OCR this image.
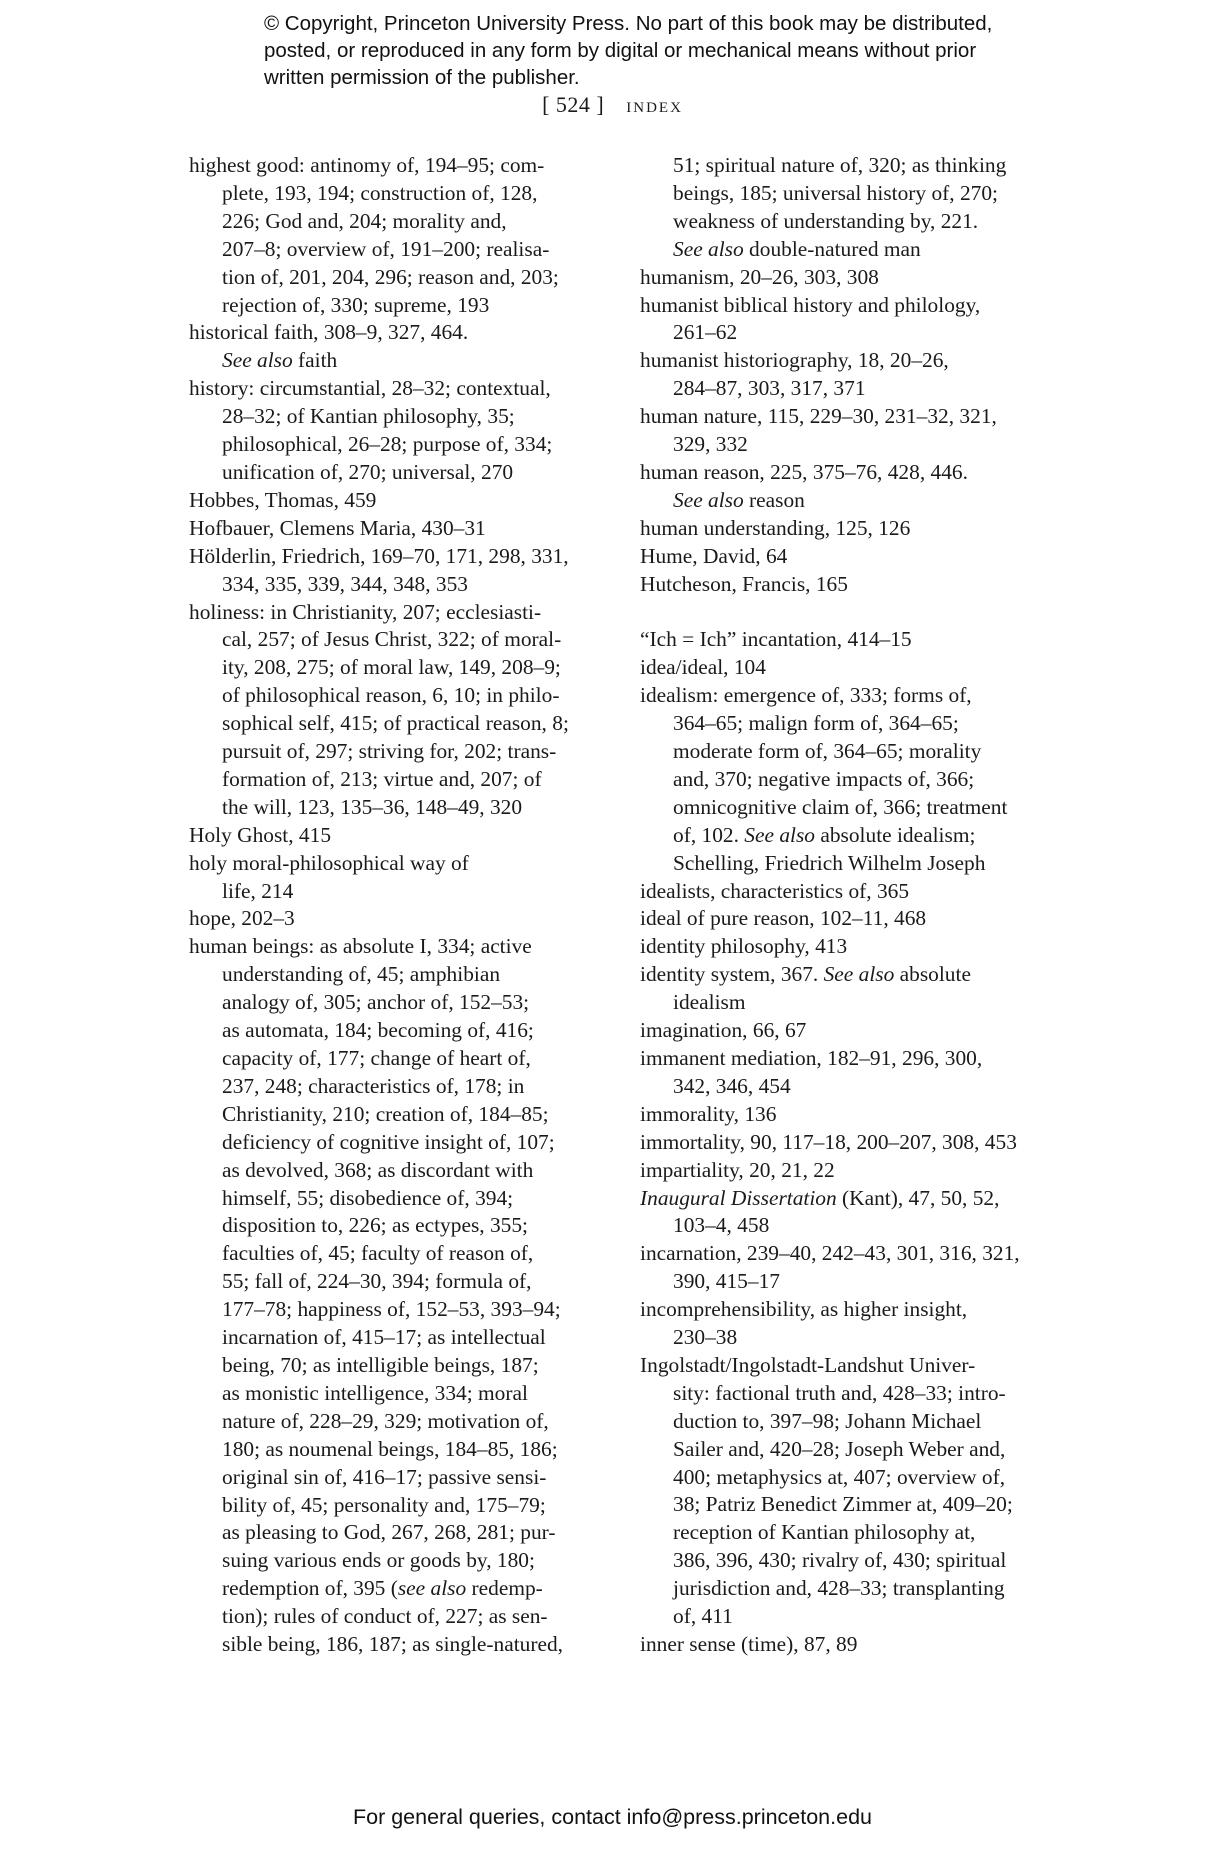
© Copyright, Princeton University Press. No part of this book may be distributed, posted, or reproduced in any form by digital or mechanical means without prior written permission of the publisher.
[ 524 ] index
highest good: antinomy of, 194–95; com-
plete, 193, 194; construction of, 128,
226; God and, 204; morality and,
207–8; overview of, 191–200; realisa-
tion of, 201, 204, 296; reason and, 203;
rejection of, 330; supreme, 193
historical faith, 308–9, 327, 464.
See also faith
history: circumstantial, 28–32; contextual,
28–32; of Kantian philosophy, 35;
philosophical, 26–28; purpose of, 334;
unification of, 270; universal, 270
Hobbes, Thomas, 459
Hofbauer, Clemens Maria, 430–31
Hölderlin, Friedrich, 169–70, 171, 298, 331,
334, 335, 339, 344, 348, 353
holiness: in Christianity, 207; ecclesiasti-
cal, 257; of Jesus Christ, 322; of moral-
ity, 208, 275; of moral law, 149, 208–9;
of philosophical reason, 6, 10; in philo-
sophical self, 415; of practical reason, 8;
pursuit of, 297; striving for, 202; trans-
formation of, 213; virtue and, 207; of
the will, 123, 135–36, 148–49, 320
Holy Ghost, 415
holy moral-philosophical way of
life, 214
hope, 202–3
human beings: as absolute I, 334; active
understanding of, 45; amphibian
analogy of, 305; anchor of, 152–53;
as automata, 184; becoming of, 416;
capacity of, 177; change of heart of,
237, 248; characteristics of, 178; in
Christianity, 210; creation of, 184–85;
deficiency of cognitive insight of, 107;
as devolved, 368; as discordant with
himself, 55; disobedience of, 394;
disposition to, 226; as ectypes, 355;
faculties of, 45; faculty of reason of,
55; fall of, 224–30, 394; formula of,
177–78; happiness of, 152–53, 393–94;
incarnation of, 415–17; as intellectual
being, 70; as intelligible beings, 187;
as monistic intelligence, 334; moral
nature of, 228–29, 329; motivation of,
180; as noumenal beings, 184–85, 186;
original sin of, 416–17; passive sensi-
bility of, 45; personality and, 175–79;
as pleasing to God, 267, 268, 281; pur-
suing various ends or goods by, 180;
redemption of, 395 (see also redemp-
tion); rules of conduct of, 227; as sen-
sible being, 186, 187; as single-natured,
51; spiritual nature of, 320; as thinking
beings, 185; universal history of, 270;
weakness of understanding by, 221.
See also double-natured man
humanism, 20–26, 303, 308
humanist biblical history and philology,
261–62
humanist historiography, 18, 20–26,
284–87, 303, 317, 371
human nature, 115, 229–30, 231–32, 321,
329, 332
human reason, 225, 375–76, 428, 446.
See also reason
human understanding, 125, 126
Hume, David, 64
Hutcheson, Francis, 165
“Ich = Ich” incantation, 414–15
idea/ideal, 104
idealism: emergence of, 333; forms of,
364–65; malign form of, 364–65;
moderate form of, 364–65; morality
and, 370; negative impacts of, 366;
omnicognitive claim of, 366; treatment
of, 102. See also absolute idealism;
Schelling, Friedrich Wilhelm Joseph
idealists, characteristics of, 365
ideal of pure reason, 102–11, 468
identity philosophy, 413
identity system, 367. See also absolute
idealism
imagination, 66, 67
immanent mediation, 182–91, 296, 300,
342, 346, 454
immorality, 136
immortality, 90, 117–18, 200–207, 308, 453
impartiality, 20, 21, 22
Inaugural Dissertation (Kant), 47, 50, 52,
103–4, 458
incarnation, 239–40, 242–43, 301, 316, 321,
390, 415–17
incomprehensibility, as higher insight,
230–38
Ingolstadt/Ingolstadt-Landshut Univer-
sity: factional truth and, 428–33; intro-
duction to, 397–98; Johann Michael
Sailer and, 420–28; Joseph Weber and,
400; metaphysics at, 407; overview of,
38; Patriz Benedict Zimmer at, 409–20;
reception of Kantian philosophy at,
386, 396, 430; rivalry of, 430; spiritual
jurisdiction and, 428–33; transplanting
of, 411
inner sense (time), 87, 89
For general queries, contact info@press.princeton.edu
